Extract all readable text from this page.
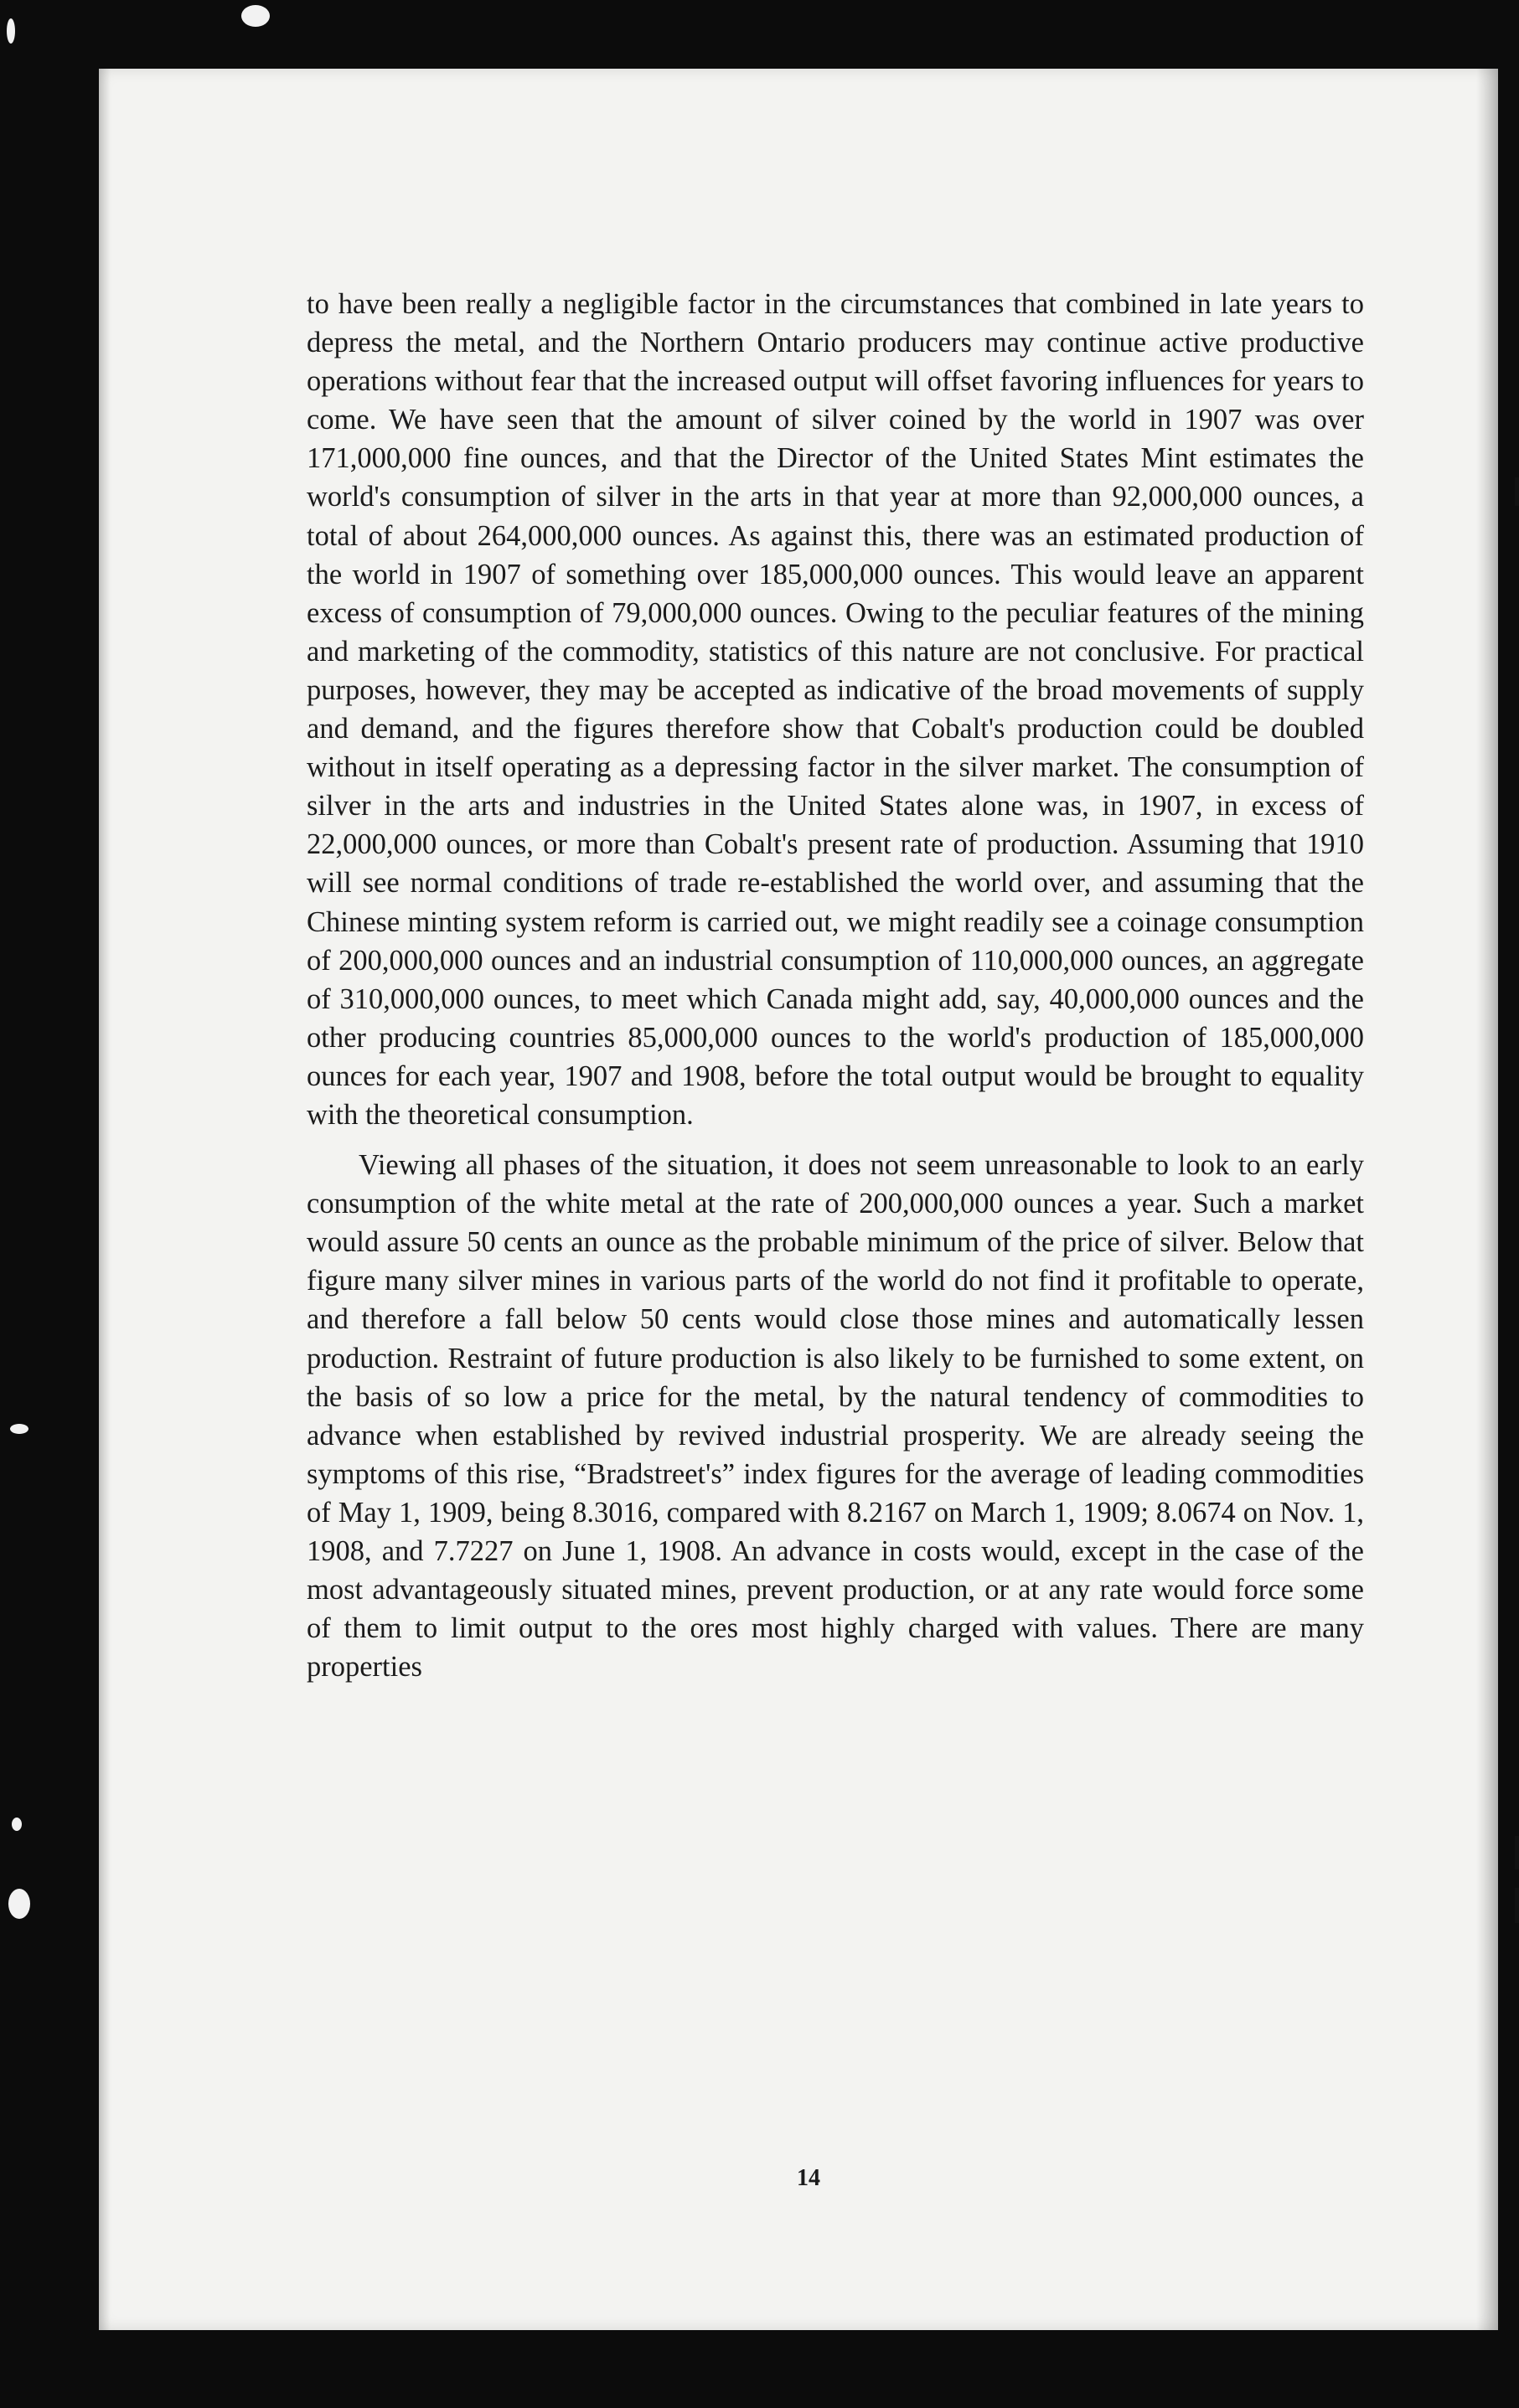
to have been really a negligible factor in the circumstances that combined in late years to depress the metal, and the Northern Ontario producers may continue active productive operations without fear that the increased output will offset favoring influences for years to come. We have seen that the amount of silver coined by the world in 1907 was over 171,000,000 fine ounces, and that the Director of the United States Mint estimates the world's consumption of silver in the arts in that year at more than 92,000,000 ounces, a total of about 264,000,000 ounces. As against this, there was an estimated production of the world in 1907 of something over 185,000,000 ounces. This would leave an apparent excess of consumption of 79,000,000 ounces. Owing to the peculiar features of the mining and marketing of the commodity, statistics of this nature are not conclusive. For practical purposes, however, they may be accepted as indicative of the broad movements of supply and demand, and the figures therefore show that Cobalt's production could be doubled without in itself operating as a depressing factor in the silver market. The consumption of silver in the arts and industries in the United States alone was, in 1907, in excess of 22,000,000 ounces, or more than Cobalt's present rate of production. Assuming that 1910 will see normal conditions of trade re-established the world over, and assuming that the Chinese minting system reform is carried out, we might readily see a coinage consumption of 200,000,000 ounces and an industrial consumption of 110,000,000 ounces, an aggregate of 310,000,000 ounces, to meet which Canada might add, say, 40,000,000 ounces and the other producing countries 85,000,000 ounces to the world's production of 185,000,000 ounces for each year, 1907 and 1908, before the total output would be brought to equality with the theoretical consumption.

Viewing all phases of the situation, it does not seem unreasonable to look to an early consumption of the white metal at the rate of 200,000,000 ounces a year. Such a market would assure 50 cents an ounce as the probable minimum of the price of silver. Below that figure many silver mines in various parts of the world do not find it profitable to operate, and therefore a fall below 50 cents would close those mines and automatically lessen production. Restraint of future production is also likely to be furnished to some extent, on the basis of so low a price for the metal, by the natural tendency of commodities to advance when established by revived industrial prosperity. We are already seeing the symptoms of this rise, “Bradstreet's” index figures for the average of leading commodities of May 1, 1909, being 8.3016, compared with 8.2167 on March 1, 1909; 8.0674 on Nov. 1, 1908, and 7.7227 on June 1, 1908. An advance in costs would, except in the case of the most advantageously situated mines, prevent production, or at any rate would force some of them to limit output to the ores most highly charged with values. There are many properties

14
